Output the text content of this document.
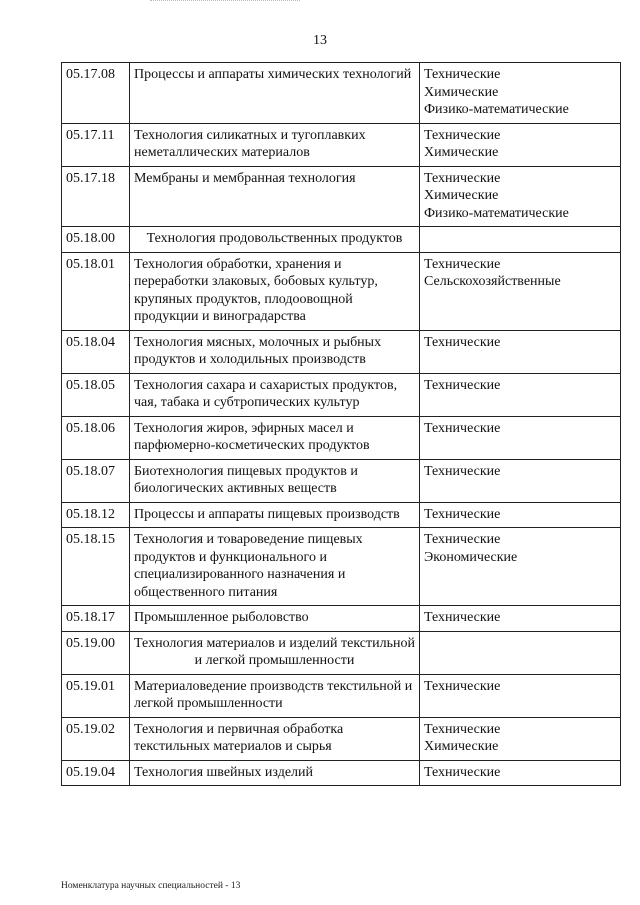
13
05.17.08	Процессы и аппараты химических технологий	Технические
Химические
Физико-математические

05.17.11	Технология силикатных и тугоплавких неметаллических материалов	Технические
Химические

05.17.18	Мембраны и мембранная технология	Технические
Химические
Физико-математические

05.18.00	Технология продовольственных продуктов	
05.18.01	Технология обработки, хранения и переработки злаковых, бобовых культур, крупяных продуктов, плодоовощной продукции и виноградарства	Технические
Сельскохозяйственные

05.18.04	Технология мясных, молочных и рыбных продуктов и холодильных производств	Технические

05.18.05	Технология сахара и сахаристых продуктов, чая, табака и субтропических культур	Технические

05.18.06	Технология жиров, эфирных масел и парфюмерно-косметических продуктов	Технические

05.18.07	Биотехнология пищевых продуктов и биологических активных веществ	Технические

05.18.12	Процессы и аппараты пищевых производств	Технические

05.18.15	Технология и товароведение пищевых продуктов и функционального и специализированного назначения и общественного питания	Технические
Экономические

05.18.17	Промышленное рыболовство	Технические

05.19.00	Технология материалов и изделий текстильной и легкой промышленности	
05.19.01	Материаловедение производств текстильной и легкой промышленности	Технические

05.19.02	Технология и первичная обработка текстильных материалов и сырья	Технические
Химические

05.19.04	Технология швейных изделий	Технические
Номенклатура научных специальностей - 13
